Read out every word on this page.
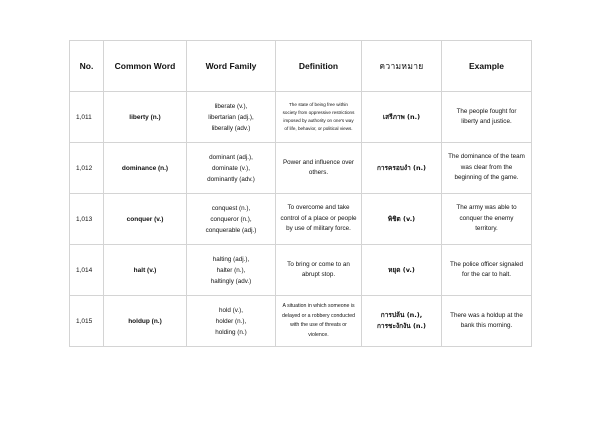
No.	Common Word	Word Family	Definition	ความหมาย	Example
1,011	liberty (n.)	liberate (v.),
libertarian (adj.),
liberally (adv.)	The state of being free within
society from oppressive restrictions
imposed by authority on one's way
of life, behavior, or political views.	เสรีภาพ (n.)	The people fought for
liberty and justice.

1,012	dominance (n.)	dominant (adj.),
dominate (v.),
dominantly (adv.)	Power and influence over
others.	การครอบงำ (n.)	The dominance of the team
was clear from the
beginning of the game.

1,013	conquer (v.)	conquest (n.),
conqueror (n.),
conquerable (adj.)	To overcome and take
control of a place or people
by use of military force.	พิชิต (v.)	The army was able to
conquer the enemy
territory.

1,014	halt (v.)	halting (adj.),
halter (n.),
haltingly (adv.)	To bring or come to an
abrupt stop.	หยุด (v.)	The police officer signaled
for the car to halt.

1,015	holdup (n.)	hold (v.),
holder (n.),
holding (n.)	A situation in which someone is
delayed or a robbery conducted
with the use of threats or
violence.	การปล้น (n.),
การชะงักงัน (n.)	There was a holdup at the
bank this morning.
